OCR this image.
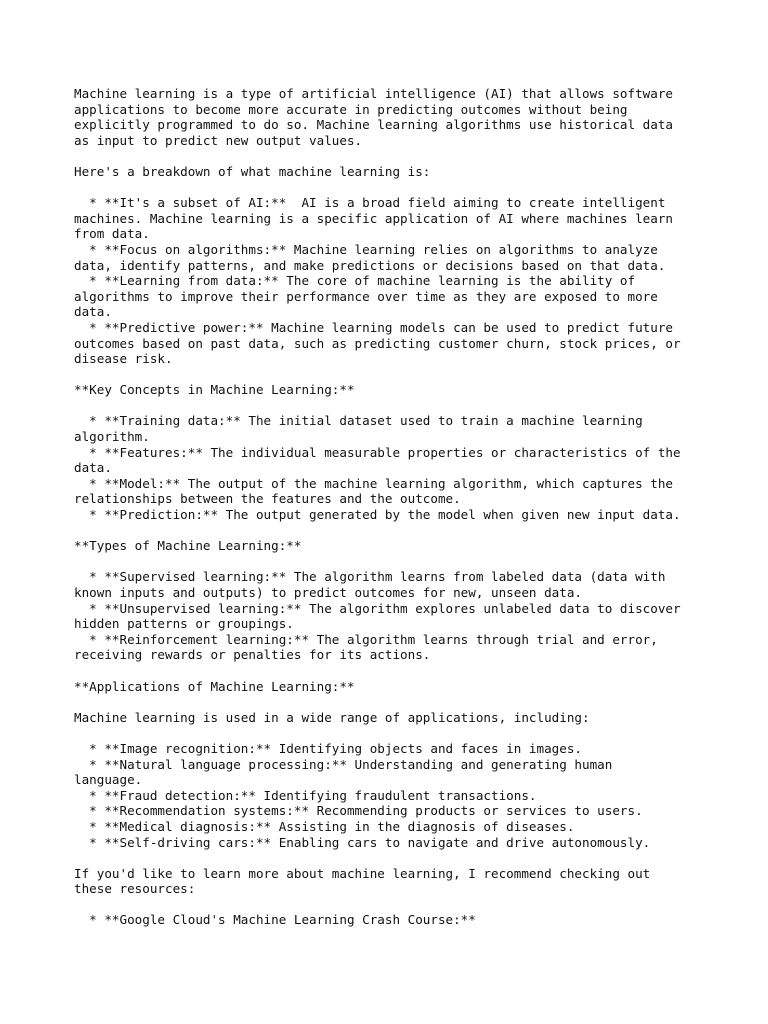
Machine learning is a type of artificial intelligence (AI) that allows software
applications to become more accurate in predicting outcomes without being
explicitly programmed to do so. Machine learning algorithms use historical data
as input to predict new output values.
Here's a breakdown of what machine learning is:
* **It's a subset of AI:**  AI is a broad field aiming to create intelligent
machines. Machine learning is a specific application of AI where machines learn
from data.
* **Focus on algorithms:** Machine learning relies on algorithms to analyze
data, identify patterns, and make predictions or decisions based on that data.
* **Learning from data:** The core of machine learning is the ability of
algorithms to improve their performance over time as they are exposed to more
data.
* **Predictive power:** Machine learning models can be used to predict future
outcomes based on past data, such as predicting customer churn, stock prices, or
disease risk.
**Key Concepts in Machine Learning:**
* **Training data:** The initial dataset used to train a machine learning
algorithm.
* **Features:** The individual measurable properties or characteristics of the
data.
* **Model:** The output of the machine learning algorithm, which captures the
relationships between the features and the outcome.
* **Prediction:** The output generated by the model when given new input data.
**Types of Machine Learning:**
* **Supervised learning:** The algorithm learns from labeled data (data with
known inputs and outputs) to predict outcomes for new, unseen data.
* **Unsupervised learning:** The algorithm explores unlabeled data to discover
hidden patterns or groupings.
* **Reinforcement learning:** The algorithm learns through trial and error,
receiving rewards or penalties for its actions.
**Applications of Machine Learning:**
Machine learning is used in a wide range of applications, including:
* **Image recognition:** Identifying objects and faces in images.
* **Natural language processing:** Understanding and generating human
language.
* **Fraud detection:** Identifying fraudulent transactions.
* **Recommendation systems:** Recommending products or services to users.
* **Medical diagnosis:** Assisting in the diagnosis of diseases.
* **Self-driving cars:** Enabling cars to navigate and drive autonomously.
If you'd like to learn more about machine learning, I recommend checking out
these resources:
* **Google Cloud's Machine Learning Crash Course:**
